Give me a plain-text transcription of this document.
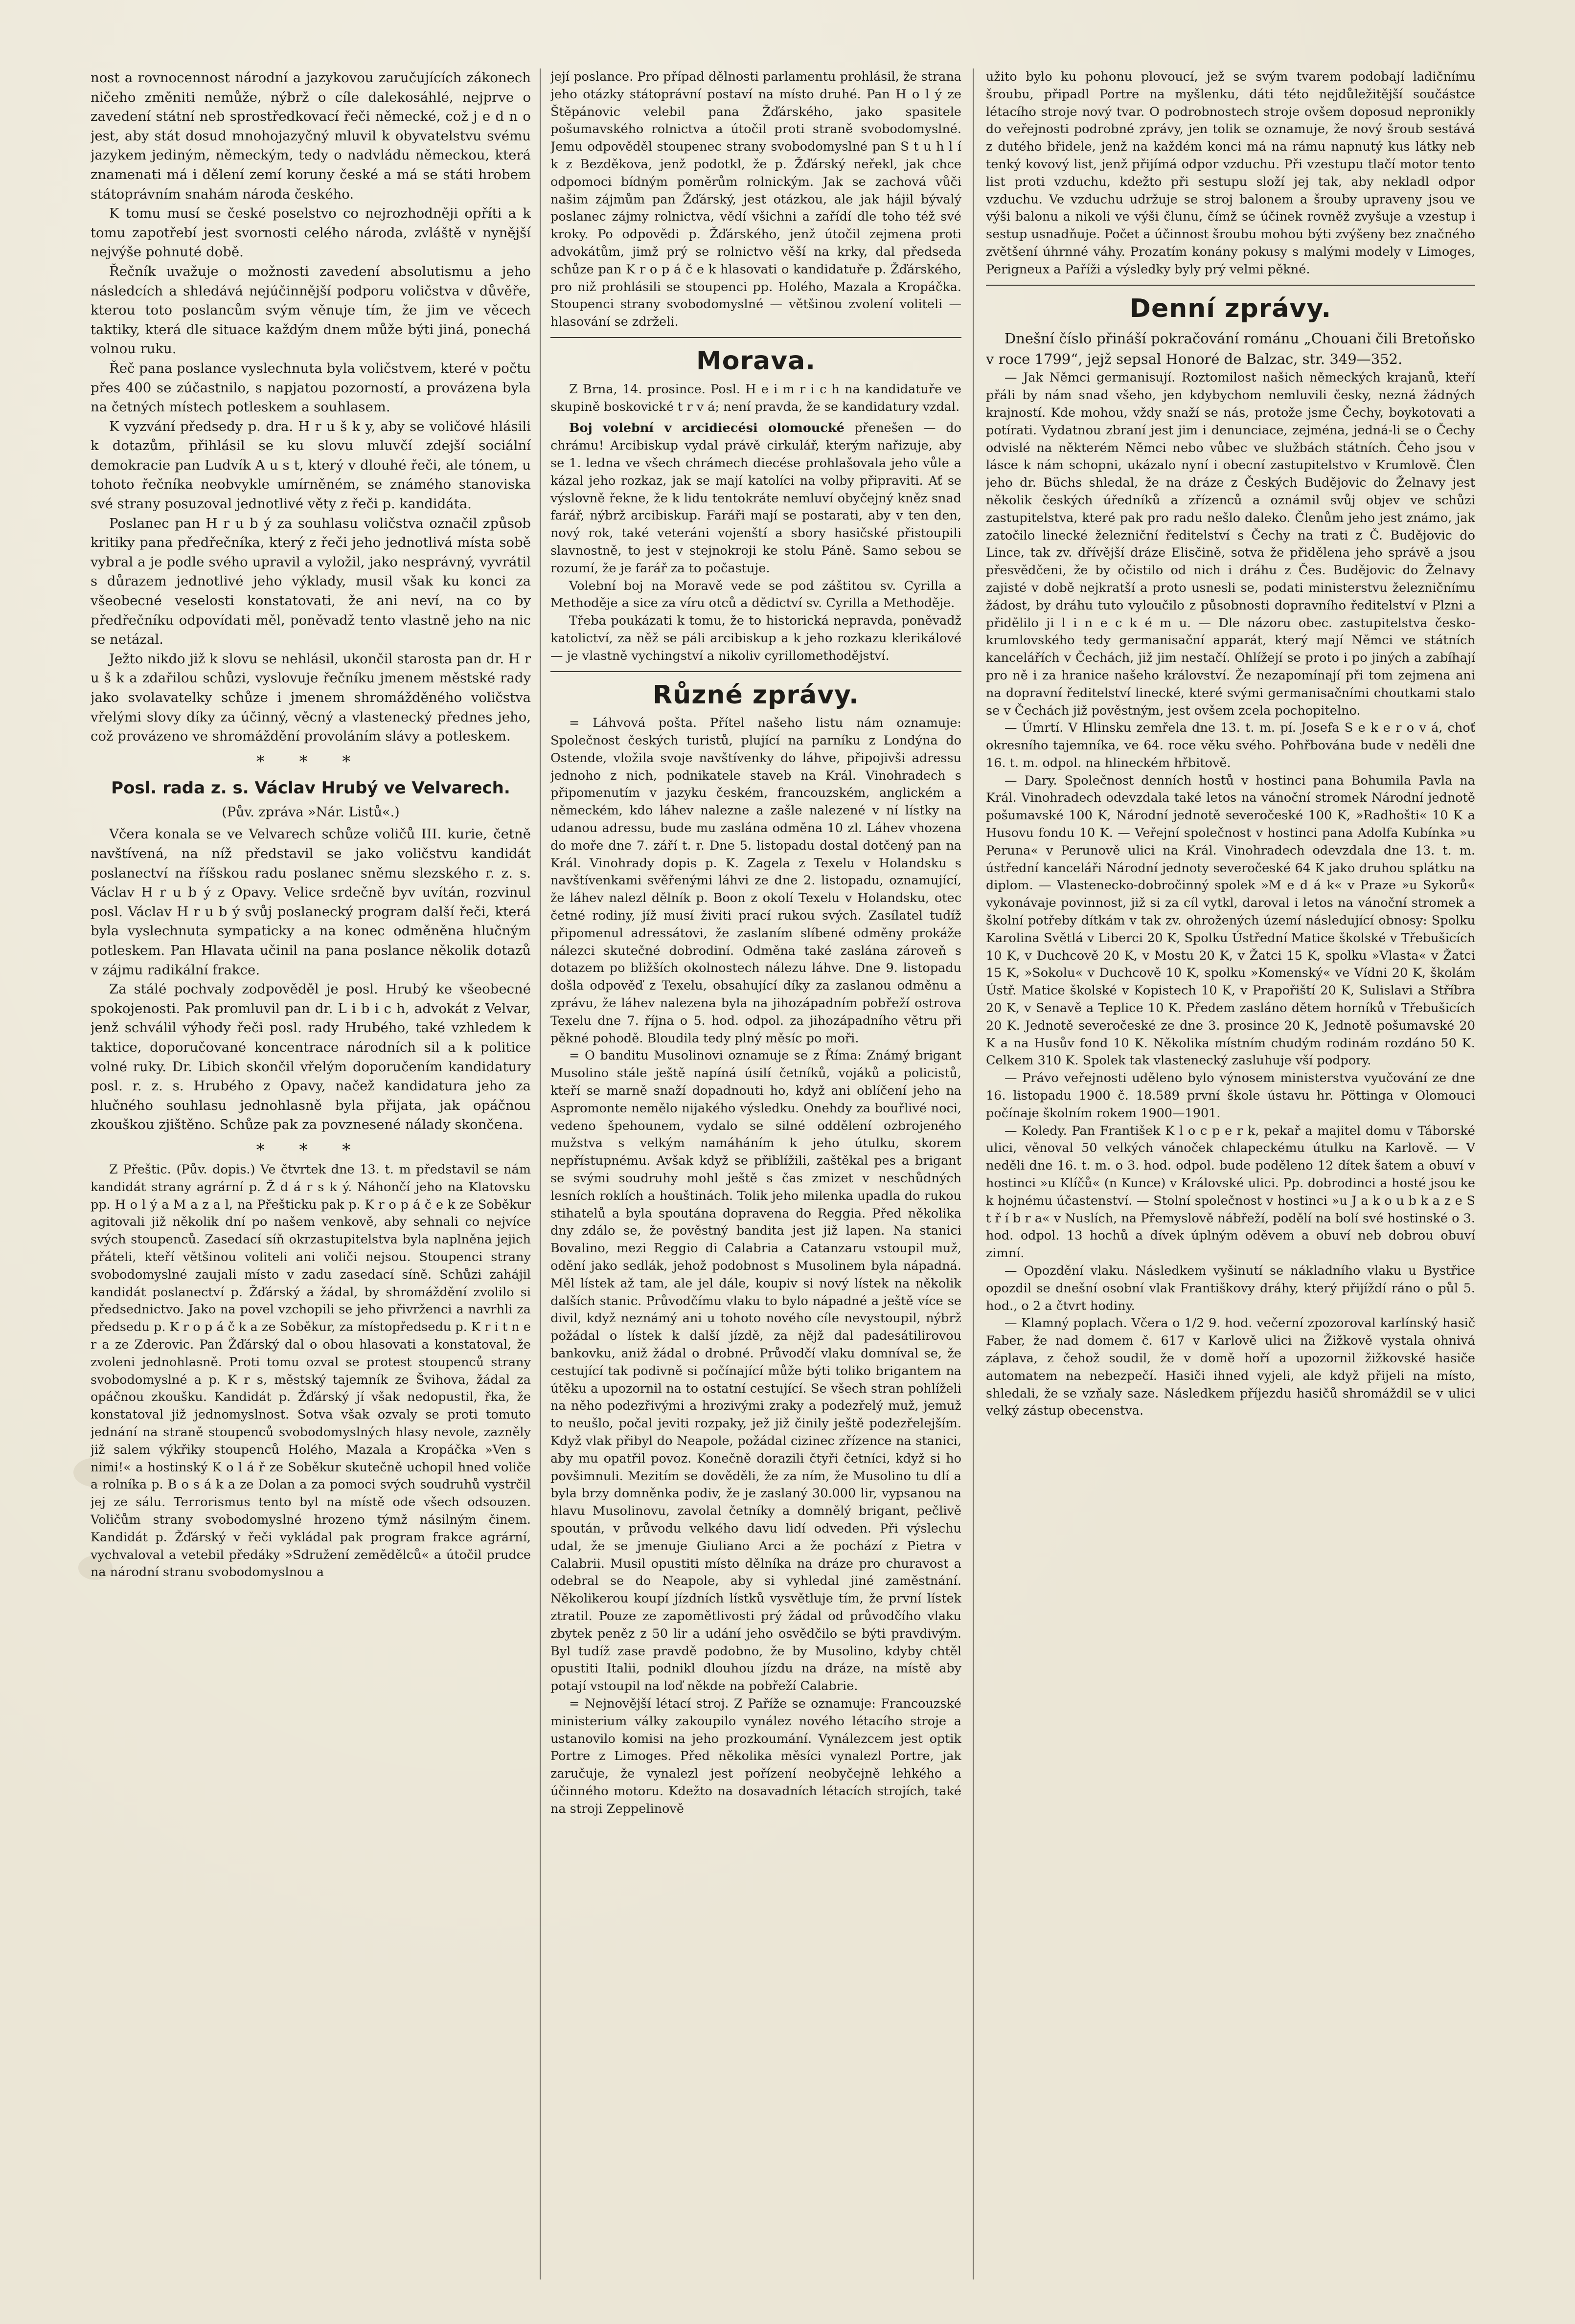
nost a rovnocennost národní a jazykovou zaručujících zákonech ničeho změniti nemůže, nýbrž o cíle dalekosáhlé, nejprve o zavedení státní neb sprostředkovací řeči německé, což j e d n o jest, aby stát dosud mnohojazyčný mluvil k obyvatelstvu svému jazykem jediným, německým, tedy o nadvládu německou, která znamenati má i dělení zemí koruny české a má se státi hrobem státoprávním snahám národa českého.

K tomu musí se české poselstvo co nejrozhodněji opříti a k tomu zapotřebí jest svornosti celého národa, zvláště v nynější nejvýše pohnuté době.

Řečník uvažuje o možnosti zavedení absolutismu a jeho následcích a shledává nejúčinnější podporu voličstva v důvěře, kterou toto poslancům svým věnuje tím, že jim ve věcech taktiky, která dle situace každým dnem může býti jiná, ponechá volnou ruku.

Řeč pana poslance vyslechnuta byla voličstvem, které v počtu přes 400 se zúčastnilo, s napjatou pozorností, a provázena byla na četných místech potleskem a souhlasem.

K vyzvání předsedy p. dra. H r u š k y, aby se voličové hlásili k dotazům, přihlásil se ku slovu mluvčí zdejší sociální demokracie pan Ludvík A u s t, který v dlouhé řeči, ale tónem, u tohoto řečníka neobvykle umírněném, se známého stanoviska své strany posuzoval jednotlivé věty z řeči p. kandidáta.

Poslanec pan H r u b ý za souhlasu voličstva označil způsob kritiky pana předřečníka, který z řeči jeho jednotlivá místa sobě vybral a je podle svého upravil a vyložil, jako nesprávný, vyvrátil s důrazem jednotlivé jeho výklady, musil však ku konci za všeobecné veselosti konstatovati, že ani neví, na co by předřečníku odpovídati měl, poněvadž tento vlastně jeho na nic se netázal.

Ježto nikdo již k slovu se nehlásil, ukončil starosta pan dr. H r u š k a zdařilou schůzi, vyslovuje řečníku jmenem městské rady jako svolavatelky schůze i jmenem shromážděného voličstva vřelými slovy díky za účinný, věcný a vlastenecký přednes jeho, což provázeno ve shromáždění provoláním slávy a potleskem.

* * *
Posl. rada z. s. Václav Hrubý ve Velvarech.
(Pův. zpráva »Nár. Listů«.)

Včera konala se ve Velvarech schůze voličů III. kurie, četně navštívená, na níž představil se jako voličstvu kandidát poslanectví na říšskou radu poslanec sněmu slezského r. z. s. Václav H r u b ý z Opavy. Velice srdečně byv uvítán, rozvinul posl. Václav H r u b ý svůj poslanecký program další řeči, která byla vyslechnuta sympaticky a na konec odměněna hlučným potleskem. Pan Hlavata učinil na pana poslance několik dotazů v zájmu radikální frakce.

Za stálé pochvaly zodpověděl je posl. Hrubý ke všeobecné spokojenosti. Pak promluvil pan dr. L i b i c h, advokát z Velvar, jenž schválil výhody řeči posl. rady Hrubého, také vzhledem k taktice, doporučované koncentrace národních sil a k politice volné ruky. Dr. Libich skončil vřelým doporučením kandidatury posl. r. z. s. Hrubého z Opavy, načež kandidatura jeho za hlučného souhlasu jednohlasně byla přijata, jak opáčnou zkouškou zjištěno. Schůze pak za povznesené nálady skončena.

* * *

Z Přeštic. (Pův. dopis.) Ve čtvrtek dne 13. t. m představil se nám kandidát strany agrární p. Ž d á r s k ý. Náhončí jeho na Klatovsku pp. H o l ý a M a z a l, na Přešticku pak p. K r o p á č e k ze Soběkur agitovali již několik dní po našem venkově, aby sehnali co nejvíce svých stoupenců. Zasedací síň okrzastupitelstva byla naplněna jejich přáteli, kteří většinou voliteli ani voliči nejsou. Stoupenci strany svobodomyslné zaujali místo v zadu zasedací síně. Schůzi zahájil kandidát poslanectví p. Žďárský a žádal, by shromáždění zvolilo si předsednictvo. Jako na povel vzchopili se jeho přivrženci a navrhli za předsedu p. K r o p á č k a ze Soběkur, za místopředsedu p. K r i t n e r a ze Zderovic. Pan Žďárský dal o obou hlasovati a konstatoval, že zvoleni jednohlasně. Proti tomu ozval se protest stoupenců strany svobodomyslné a p. K r s, městský tajemník ze Švihova, žádal za opáčnou zkoušku. Kandidát p. Žďárský jí však nedopustil, řka, že konstatoval již jednomyslnost. Sotva však ozvaly se proti tomuto jednání na straně stoupenců svobodomyslných hlasy nevole, zazněly již salem výkřiky stoupenců Holého, Mazala a Kropáčka »Ven s nimi!« a hostinský K o l á ř ze Soběkur skutečně uchopil hned voliče a rolníka p. B o s á k a ze Dolan a za pomoci svých soudruhů vystrčil jej ze sálu. Terrorismus tento byl na místě ode všech odsouzen. Voličům strany svobodomyslné hrozeno týmž násilným činem. Kandidát p. Žďárský v řeči vykládal pak program frakce agrární, vychvaloval a vetebil předáky »Sdružení zemědělců« a útočil prudce na národní stranu svobodomyslnou a

její poslance. Pro případ dělnosti parlamentu prohlásil, že strana jeho otázky státoprávní postaví na místo druhé. Pan H o l ý ze Štěpánovic velebil pana Žďárského, jako spasitele pošumavského rolnictva a útočil proti straně svobodomyslné. Jemu odpověděl stoupenec strany svobodomyslné pan S t u h l í k z Bezděkova, jenž podotkl, že p. Žďárský neřekl, jak chce odpomoci bídným poměrům rolnickým. Jak se zachová vůči našim zájmům pan Žďárský, jest otázkou, ale jak hájil bývalý poslanec zájmy rolnictva, vědí všichni a zařídí dle toho též své kroky. Po odpovědi p. Žďárského, jenž útočil zejmena proti advokátům, jimž prý se rolnictvo věší na krky, dal předseda schůze pan K r o p á č e k hlasovati o kandidatuře p. Žďárského, pro niž prohlásili se stoupenci pp. Holého, Mazala a Kropáčka. Stoupenci strany svobodomyslné — většinou zvolení voliteli — hlasování se zdrželi.

Morava.

Z Brna, 14. prosince. Posl. H e i m r i c h na kandidatuře ve skupině boskovické t r v á; není pravda, že se kandidatury vzdal.

Boj volební v arcidiecési olomoucké přenešen — do chrámu! Arcibiskup vydal právě cirkulář, kterým nařizuje, aby se 1. ledna ve všech chrámech diecése prohlašovala jeho vůle a kázal jeho rozkaz, jak se mají katolíci na volby připraviti. Ať se výslovně řekne, že k lidu tentokráte nemluví obyčejný kněz snad farář, nýbrž arcibiskup. Faráři mají se postarati, aby v ten den, nový rok, také veteráni vojenští a sbory hasičské přistoupili slavnostně, to jest v stejnokroji ke stolu Páně. Samo sebou se rozumí, že je farář za to počastuje.

Volební boj na Moravě vede se pod záštitou sv. Cyrilla a Methoděje a sice za víru otců a dědictví sv. Cyrilla a Methoděje.

Třeba poukázati k tomu, že to historická nepravda, poněvadž katolictví, za něž se páli arcibiskup a k jeho rozkazu klerikálové — je vlastně vychingství a nikoliv cyrillomethodějství.

Různé zprávy.

= Láhvová pošta. Přítel našeho listu nám oznamuje: Společnost českých turistů, plující na parníku z Londýna do Ostende, vložila svoje navštívenky do láhve, připojivši adressu jednoho z nich, podnikatele staveb na Král. Vinohradech s připomenutím v jazyku českém, francouzském, anglickém a německém, kdo láhev nalezne a zašle nalezené v ní lístky na udanou adressu, bude mu zaslána odměna 10 zl. Láhev vhozena do moře dne 7. září t. r. Dne 5. listopadu dostal dotčený pan na Král. Vinohrady dopis p. K. Zagela z Texelu v Holandsku s navštívenkami svěřenými láhvi ze dne 2. listopadu, oznamující, že láhev nalezl dělník p. Boon z okolí Texelu v Holandsku, otec četné rodiny, jíž musí živiti prací rukou svých. Zasílatel tudíž připomenul adressátovi, že zaslaním slíbené odměny prokáže nálezci skutečné dobrodiní. Odměna také zaslána zároveň s dotazem po bližších okolnostech nálezu láhve. Dne 9. listopadu došla odpověď z Texelu, obsahující díky za zaslanou odměnu a zprávu, že láhev nalezena byla na jihozápadním pobřeží ostrova Texelu dne 7. října o 5. hod. odpol. za jihozápadního větru při pěkné pohodě. Bloudila tedy plný měsíc po moři.

= O banditu Musolinovi oznamuje se z Říma: Známý brigant Musolino stále ještě napíná úsilí četníků, vojáků a policistů, kteří se marně snaží dopadnouti ho, když ani oblíčení jeho na Aspromonte nemělo nijakého výsledku. Onehdy za bouřlivé noci, vedeno špehounem, vydalo se silné oddělení ozbrojeného mužstva s velkým namáháním k jeho útulku, skorem nepřístupnému. Avšak když se přiblížili, zaštěkal pes a brigant se svými soudruhy mohl ještě s čas zmizet v neschůdných lesních roklích a houštinách. Tolik jeho milenka upadla do rukou stihatelů a byla spoutána dopravena do Reggia. Před několika dny zdálo se, že pověstný bandita jest již lapen. Na stanici Bovalino, mezi Reggio di Calabria a Catanzaru vstoupil muž, odění jako sedlák, jehož podobnost s Musolinem byla nápadná. Měl lístek až tam, ale jel dále, koupiv si nový lístek na několik dalších stanic. Průvodčímu vlaku to bylo nápadné a ještě více se divil, když neznámý ani u tohoto nového cíle nevystoupil, nýbrž požádal o lístek k další jízdě, za nějž dal padesátilirovou bankovku, aniž žádal o drobné. Průvodčí vlaku domníval se, že cestující tak podivně si počínající může býti toliko brigantem na útěku a upozornil na to ostatní cestující. Se všech stran pohlíželi na něho podezřivými a hrozivými zraky a podezřelý muž, jemuž to neušlo, počal jeviti rozpaky, jež již činily ještě podezřelejším. Když vlak přibyl do Neapole, požádal cizinec zřízence na stanici, aby mu opatřil povoz. Konečně dorazili čtyři četníci, když si ho povšimnuli. Mezitím se dověděli, že za ním, že Musolino tu dlí a byla brzy domněnka podiv, že je zaslaný 30.000 lir, vypsanou na hlavu Musolinovu, zavolal četníky a domnělý brigant, pečlivě spoután, v průvodu velkého davu lidí odveden. Při výslechu udal, že se jmenuje Giuliano Arci a že pochází z Pietra v Calabrii. Musil opustiti místo dělníka na dráze pro churavost a odebral se do Neapole, aby si vyhledal jiné zaměstnání. Několikerou koupí jízdních lístků vysvětluje tím, že první lístek ztratil. Pouze ze zapomětlivosti prý žádal od průvodčího vlaku zbytek peněz z 50 lir a udání jeho osvědčilo se býti pravdivým. Byl tudíž zase pravdě podobno, že by Musolino, kdyby chtěl opustiti Italii, podnikl dlouhou jízdu na dráze, na místě aby potají vstoupil na loď někde na pobřeží Calabrie.

= Nejnovější létací stroj. Z Paříže se oznamuje: Francouzské ministerium války zakoupilo vynález nového létacího stroje a ustanovilo komisi na jeho prozkoumání. Vynálezcem jest optik Portre z Limoges. Před několika měsíci vynalezl Portre, jak zaručuje, že vynalezl jest pořízení neobyčejně lehkého a účinného motoru. Kdežto na dosavadních létacích strojích, také na stroji Zeppelinově

užito bylo ku pohonu plovoucí, jež se svým tvarem podobají ladičnímu šroubu, připadl Portre na myšlenku, dáti této nejdůležitější součástce létacího stroje nový tvar. O podrobnostech stroje ovšem doposud nepronikly do veřejnosti podrobné zprávy, jen tolik se oznamuje, že nový šroub sestává z dutého břidele, jenž na každém konci má na rámu napnutý kus látky neb tenký kovový list, jenž přijímá odpor vzduchu. Při vzestupu tlačí motor tento list proti vzduchu, kdežto při sestupu složí jej tak, aby nekladl odpor vzduchu. Ve vzduchu udržuje se stroj balonem a šrouby upraveny jsou ve výši balonu a nikoli ve výši člunu, čímž se účinek rovněž zvyšuje a vzestup i sestup usnadňuje. Počet a účinnost šroubu mohou býti zvýšeny bez značného zvětšení úhrnné váhy. Prozatím konány pokusy s malými modely v Limoges, Perigneux a Paříži a výsledky byly prý velmi pěkné.

Denní zprávy.

Dnešní číslo přináší pokračování románu „Chouani čili Bretoňsko v roce 1799“, jejž sepsal Honoré de Balzac, str. 349—352.

— Jak Němci germanisují. Roztomilost našich německých krajanů, kteří přáli by nám snad všeho, jen kdybychom nemluvili česky, nezná žádných krajností. Kde mohou, vždy snaží se nás, protože jsme Čechy, boykotovati a potírati. Vydatnou zbraní jest jim i denunciace, zejména, jedná-li se o Čechy odvislé na některém Němci nebo vůbec ve službách státních. Čeho jsou v lásce k nám schopni, ukázalo nyní i obecní zastupitelstvo v Krumlově. Člen jeho dr. Büchs shledal, že na dráze z Českých Budějovic do Želnavy jest několik českých úředníků a zřízenců a oznámil svůj objev ve schůzi zastupitelstva, které pak pro radu nešlo daleko. Členům jeho jest známo, jak zatočilo linecké železniční ředitelství s Čechy na trati z Č. Budějovic do Lince, tak zv. dřívější dráze Elisčině, sotva že přidělena jeho správě a jsou přesvědčeni, že by očistilo od nich i dráhu z Čes. Budějovic do Želnavy zajisté v době nejkratší a proto usnesli se, podati ministerstvu železničnímu žádost, by dráhu tuto vyloučilo z působnosti dopravního ředitelství v Plzni a přidělilo ji l i n e c k é m u. — Dle názoru obec. zastupitelstva česko-krumlovského tedy germanisační apparát, který mají Němci ve státních kancelářích v Čechách, již jim nestačí. Ohlížejí se proto i po jiných a zabíhají pro ně i za hranice našeho království. Že nezapomínají při tom zejmena ani na dopravní ředitelství linecké, které svými germanisačními choutkami stalo se v Čechách již pověstným, jest ovšem zcela pochopitelno.

— Úmrtí. V Hlinsku zemřela dne 13. t. m. pí. Josefa S e k e r o v á, choť okresního tajemníka, ve 64. roce věku svého. Pohřbována bude v neděli dne 16. t. m. odpol. na hlineckém hřbitově.

— Dary. Společnost denních hostů v hostinci pana Bohumila Pavla na Král. Vinohradech odevzdala také letos na vánoční stromek Národní jednotě pošumavské 100 K, Národní jednotě severočeské 100 K, »Radhošti« 10 K a Husovu fondu 10 K. — Veřejní společnost v hostinci pana Adolfa Kubínka »u Peruna« v Perunově ulici na Král. Vinohradech odevzdala dne 13. t. m. ústřední kanceláři Národní jednoty severočeské 64 K jako druhou splátku na diplom. — Vlastenecko-dobročinný spolek »M e d á k« v Praze »u Sykorů« vykonávaje povinnost, již si za cíl vytkl, daroval i letos na vánoční stromek a školní potřeby dítkám v tak zv. ohrožených území následující obnosy: Spolku Karolina Světlá v Liberci 20 K, Spolku Ústřední Matice školské v Třebušicích 10 K, v Duchcově 20 K, v Mostu 20 K, v Žatci 15 K, spolku »Vlasta« v Žatci 15 K, »Sokolu« v Duchcově 10 K, spolku »Komenský« ve Vídni 20 K, školám Ústř. Matice školské v Kopistech 10 K, v Prapořiští 20 K, Sulislavi a Stříbra 20 K, v Senavě a Teplice 10 K. Předem zasláno dětem horníků v Třebušicích 20 K. Jednotě severočeské ze dne 3. prosince 20 K, Jednotě pošumavské 20 K a na Husův fond 10 K. Několika místním chudým rodinám rozdáno 50 K. Celkem 310 K. Spolek tak vlastenecký zasluhuje vší podpory.

— Právo veřejnosti uděleno bylo výnosem ministerstva vyučování ze dne 16. listopadu 1900 č. 18.589 první škole ústavu hr. Pöttinga v Olomouci počínaje školním rokem 1900—1901.

— Koledy. Pan František K l o c p e r k, pekař a majitel domu v Táborské ulici, věnoval 50 velkých vánoček chlapeckému útulku na Karlově. — V neděli dne 16. t. m. o 3. hod. odpol. bude poděleno 12 dítek šatem a obuví v hostinci »u Klíčů« (n Kunce) v Královské ulici. Pp. dobrodinci a hosté jsou ke k hojnému účastenství. — Stolní společnost v hostinci »u J a k o u b k a z e S t ř í b r a« v Nuslích, na Přemyslově nábřeží, podělí na bolí své hostinské o 3. hod. odpol. 13 hochů a dívek úplným oděvem a obuví neb dobrou obuví zimní.

— Opozdění vlaku. Následkem vyšinutí se nákladního vlaku u Bystřice opozdil se dnešní osobní vlak Františkovy dráhy, který přijíždí ráno o půl 5. hod., o 2 a čtvrt hodiny.

— Klamný poplach. Včera o 1/2 9. hod. večerní zpozoroval karlínský hasič Faber, že nad domem č. 617 v Karlově ulici na Žižkově vystala ohnivá záplava, z čehož soudil, že v domě hoří a upozornil žižkovské hasiče automatem na nebezpečí. Hasiči ihned vyjeli, ale když přijeli na místo, shledali, že se vzňaly saze. Následkem příjezdu hasičů shromáždil se v ulici velký zástup obecenstva.
